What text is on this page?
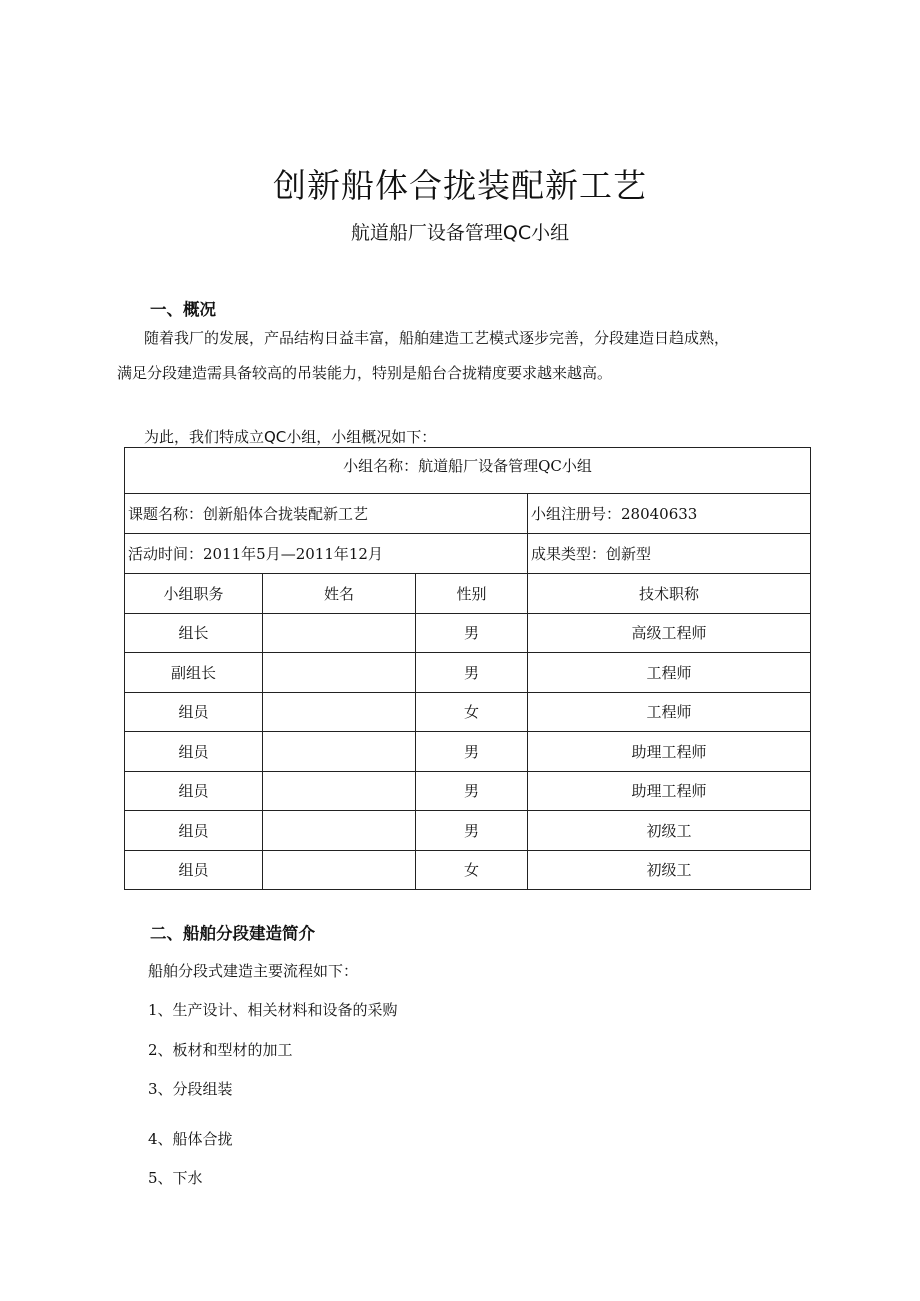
创新船体合拢装配新工艺
航道船厂设备管理QC小组
一、概况
随着我厂的发展，产品结构日益丰富，船舶建造工艺模式逐步完善，分段建造日趋成熟，
满足分段建造需具备较高的吊装能力，特别是船台合拢精度要求越来越高。
为此，我们特成立QC小组，小组概况如下：
小组名称：航道船厂设备管理QC小组			
课题名称：创新船体合拢装配新工艺			小组注册号：28040633
活动时间：2011年5月—2011年12月			成果类型：创新型
小组职务	姓名	性别	技术职称
组长		男	高级工程师
副组长		男	工程师
组员		女	工程师
组员		男	助理工程师
组员		男	助理工程师
组员		男	初级工
组员		女	初级工
二、船舶分段建造简介
船舶分段式建造主要流程如下：
1、生产设计、相关材料和设备的采购
2、板材和型材的加工
3、分段组装
4、船体合拢
5、下水
